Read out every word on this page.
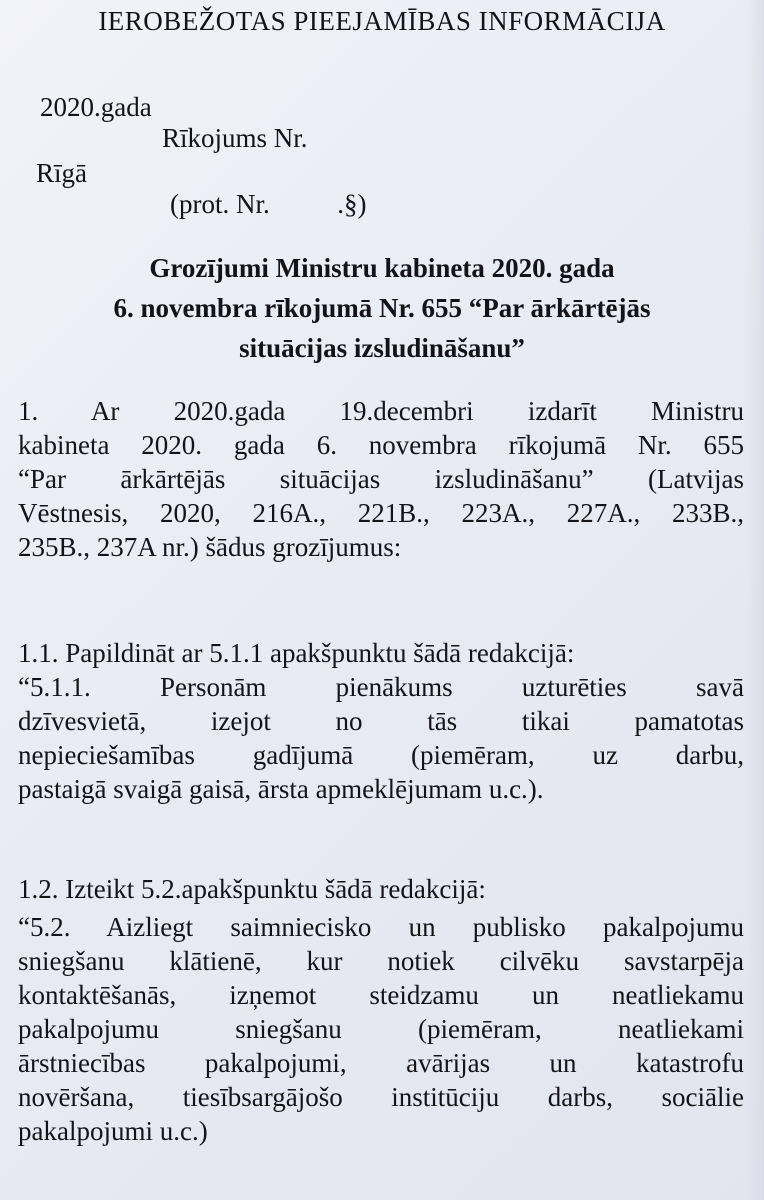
IEROBEŽOTAS PIEEJAMĪBAS INFORMĀCIJA
2020.gada
Rīkojums Nr.
Rīgā
(prot. Nr.          .§)
Grozījumi Ministru kabineta 2020. gada
6. novembra rīkojumā Nr. 655 “Par ārkārtējās
situācijas izsludināšanu”
1. Ar 2020.gada 19.decembri izdarīt Ministru
kabineta 2020. gada 6. novembra rīkojumā Nr. 655
“Par ārkārtējās situācijas izsludināšanu” (Latvijas
Vēstnesis, 2020, 216A., 221B., 223A., 227A., 233B.,
235B., 237A nr.) šādus grozījumus:
1.1. Papildināt ar 5.1.1 apakšpunktu šādā redakcijā:
“5.1.1. Personām pienākums uzturēties savā
dzīvesvietā, izejot no tās tikai pamatotas
nepieciešamības gadījumā (piemēram, uz darbu,
pastaigā svaigā gaisā, ārsta apmeklējumam u.c.).
1.2. Izteikt 5.2.apakšpunktu šādā redakcijā:
“5.2. Aizliegt saimniecisko un publisko pakalpojumu
sniegšanu klātienē, kur notiek cilvēku savstarpēja
kontaktēšanās, izņemot steidzamu un neatliekamu
pakalpojumu sniegšanu (piemēram, neatliekami
ārstniecības pakalpojumi, avārijas un katastrofu
novēršana, tiesībsargājošo institūciju darbs, sociālie
pakalpojumi u.c.)
